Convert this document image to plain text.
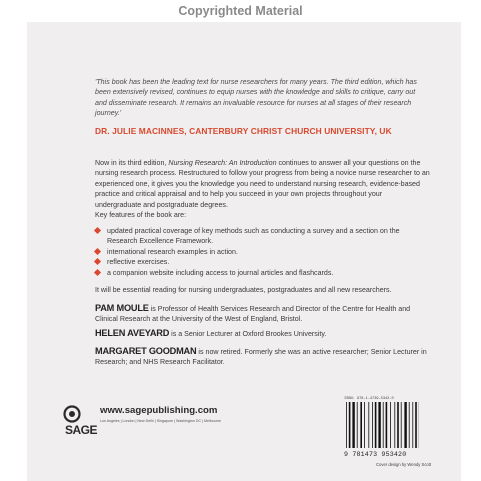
Copyrighted Material
'This book has been the leading text for nurse researchers for many years. The third edition, which has been extensively revised, continues to equip nurses with the knowledge and skills to critique, carry out and disseminate research. It remains an invaluable resource for nurses at all stages of their research journey.'
DR. JULIE MACINNES, CANTERBURY CHRIST CHURCH UNIVERSITY, UK
Now in its third edition, Nursing Research: An Introduction continues to answer all your questions on the nursing research process. Restructured to follow your progress from being a novice nurse researcher to an experienced one, it gives you the knowledge you need to understand nursing research, evidence-based practice and critical appraisal and to help you succeed in your own projects throughout your undergraduate and postgraduate degrees.
Key features of the book are:
updated practical coverage of key methods such as conducting a survey and a section on the Research Excellence Framework.
international research examples in action.
reflective exercises.
a companion website including access to journal articles and flashcards.
It will be essential reading for nursing undergraduates, postgraduates and all new researchers.
PAM MOULE is Professor of Health Services Research and Director of the Centre for Health and Clinical Research at the University of the West of England, Bristol.
HELEN AVEYARD is a Senior Lecturer at Oxford Brookes University.
MARGARET GOODMAN is now retired. Formerly she was an active researcher; Senior Lecturer in Research; and NHS Research Facilitator.
SAGE
www.sagepublishing.com
Los Angeles | London | New Delhi | Singapore | Washington DC | Melbourne
ISBN: 978-1-4739-5342-0
9 781473 953420
Cover design by Wendy Scott
